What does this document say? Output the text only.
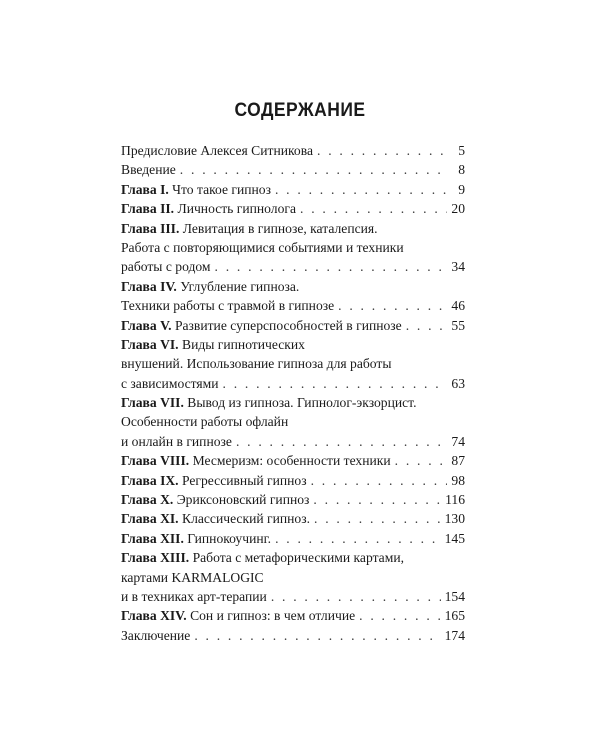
СОДЕРЖАНИЕ
Предисловие Алексея Ситникова . . .	5
Введение . . .	8
Глава I. Что такое гипноз . . .	9
Глава II. Личность гипнолога . . .	20
Глава III. Левитация в гипнозе, каталепсия.
Работа с повторяющимися событиями и техники
работы с родом . . .	34
Глава IV. Углубление гипноза.
Техники работы с травмой в гипнозе . . .	46
Глава V. Развитие суперспособностей в гипнозе . . .	55
Глава VI. Виды гипнотических
внушений. Использование гипноза для работы
с зависимостями . . .	63
Глава VII. Вывод из гипноза. Гипнолог-экзорцист.
Особенности работы офлайн
и онлайн в гипнозе . . .	74
Глава VIII. Месмеризм: особенности техники . . .	87
Глава IX. Регрессивный гипноз . . .	98
Глава X. Эриксоновский гипноз . . .	116
Глава XI. Классический гипноз. . . .	130
Глава XII. Гипнокоучинг. . . .	145
Глава XIII. Работа с метафорическими картами,
картами KARMALOGIC
и в техниках арт-терапии . . .	154
Глава XIV. Сон и гипноз: в чем отличие . . .	165
Заключение . . .	174
